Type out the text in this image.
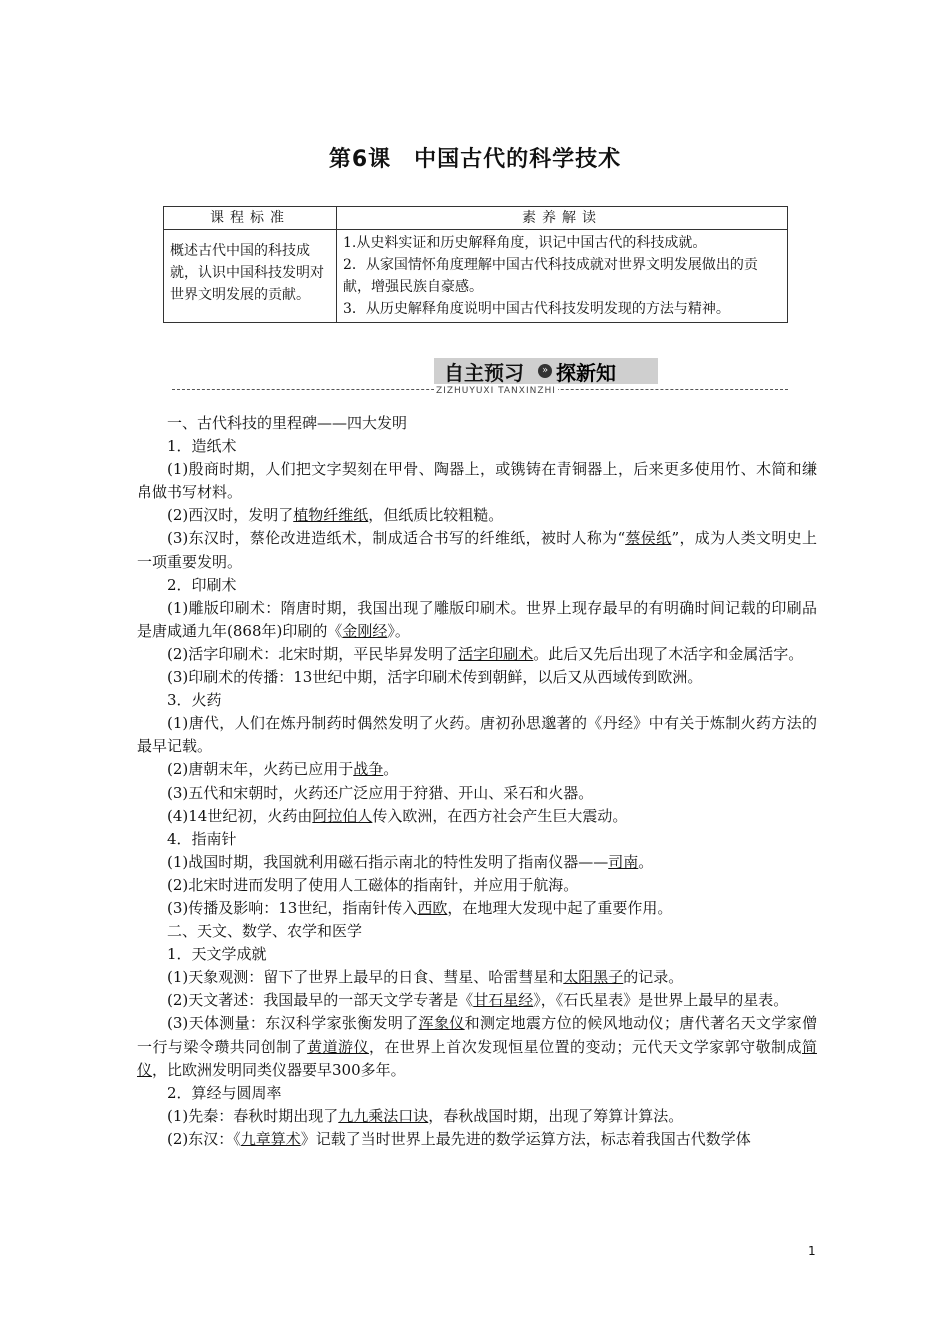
第6课　中国古代的科学技术
课程标准	素养解读
概述古代中国的科技成就，认识中国科技发明对世界文明发展的贡献。	1.从史料实证和历史解释角度，识记中国古代的科技成就。
2．从家国情怀角度理解中国古代科技成就对世界文明发展做出的贡献，增强民族自豪感。
3．从历史解释角度说明中国古代科技发明发现的方法与精神。
自主预习	» 探新知
ZIZHUYUXI TANXINZHI

一、古代科技的里程碑——四大发明

1．造纸术

(1)殷商时期，人们把文字契刻在甲骨、陶器上，或镌铸在青铜器上，后来更多使用竹、木简和缣帛做书写材料。

(2)西汉时，发明了植物纤维纸，但纸质比较粗糙。

(3)东汉时，蔡伦改进造纸术，制成适合书写的纤维纸，被时人称为“蔡侯纸”，成为人类文明史上一项重要发明。

2．印刷术

(1)雕版印刷术：隋唐时期，我国出现了雕版印刷术。世界上现存最早的有明确时间记载的印刷品是唐咸通九年(868年)印刷的《金刚经》。

(2)活字印刷术：北宋时期，平民毕昇发明了活字印刷术。此后又先后出现了木活字和金属活字。

(3)印刷术的传播：13世纪中期，活字印刷术传到朝鲜，以后又从西域传到欧洲。

3．火药

(1)唐代，人们在炼丹制药时偶然发明了火药。唐初孙思邈著的《丹经》中有关于炼制火药方法的最早记载。

(2)唐朝末年，火药已应用于战争。

(3)五代和宋朝时，火药还广泛应用于狩猎、开山、采石和火器。

(4)14世纪初，火药由阿拉伯人传入欧洲，在西方社会产生巨大震动。

4．指南针

(1)战国时期，我国就利用磁石指示南北的特性发明了指南仪器——司南。

(2)北宋时进而发明了使用人工磁体的指南针，并应用于航海。

(3)传播及影响：13世纪，指南针传入西欧，在地理大发现中起了重要作用。

二、天文、数学、农学和医学

1．天文学成就

(1)天象观测：留下了世界上最早的日食、彗星、哈雷彗星和太阳黑子的记录。

(2)天文著述：我国最早的一部天文学专著是《甘石星经》，《石氏星表》是世界上最早的星表。

(3)天体测量：东汉科学家张衡发明了浑象仪和测定地震方位的候风地动仪；唐代著名天文学家僧一行与梁令瓒共同创制了黄道游仪，在世界上首次发现恒星位置的变动；元代天文学家郭守敬制成简仪，比欧洲发明同类仪器要早300多年。

2．算经与圆周率

(1)先秦：春秋时期出现了九九乘法口诀，春秋战国时期，出现了筹算计算法。

(2)东汉：《九章算术》记载了当时世界上最先进的数学运算方法，标志着我国古代数学体

1
